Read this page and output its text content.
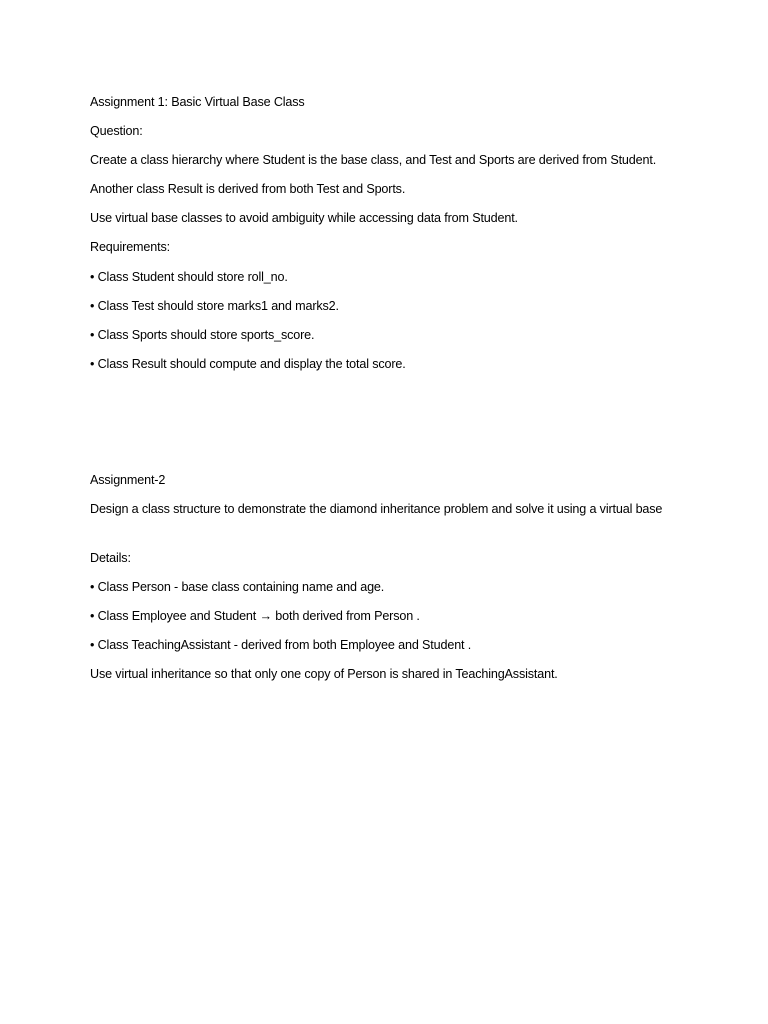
Assignment 1: Basic Virtual Base Class
Question:
Create a class hierarchy where Student is the base class, and Test and Sports are derived from Student.
Another class Result is derived from both Test and Sports.
Use virtual base classes to avoid ambiguity while accessing data from Student.
Requirements:
• Class Student should store roll_no.
• Class Test should store marks1 and marks2.
• Class Sports should store sports_score.
• Class Result should compute and display the total score.
Assignment-2
Design a class structure to demonstrate the diamond inheritance problem and solve it using a virtual base
Details:
• Class Person - base class containing name and age.
• Class Employee and Student → both derived from Person .
• Class TeachingAssistant - derived from both Employee and Student .
Use virtual inheritance so that only one copy of Person is shared in TeachingAssistant.
